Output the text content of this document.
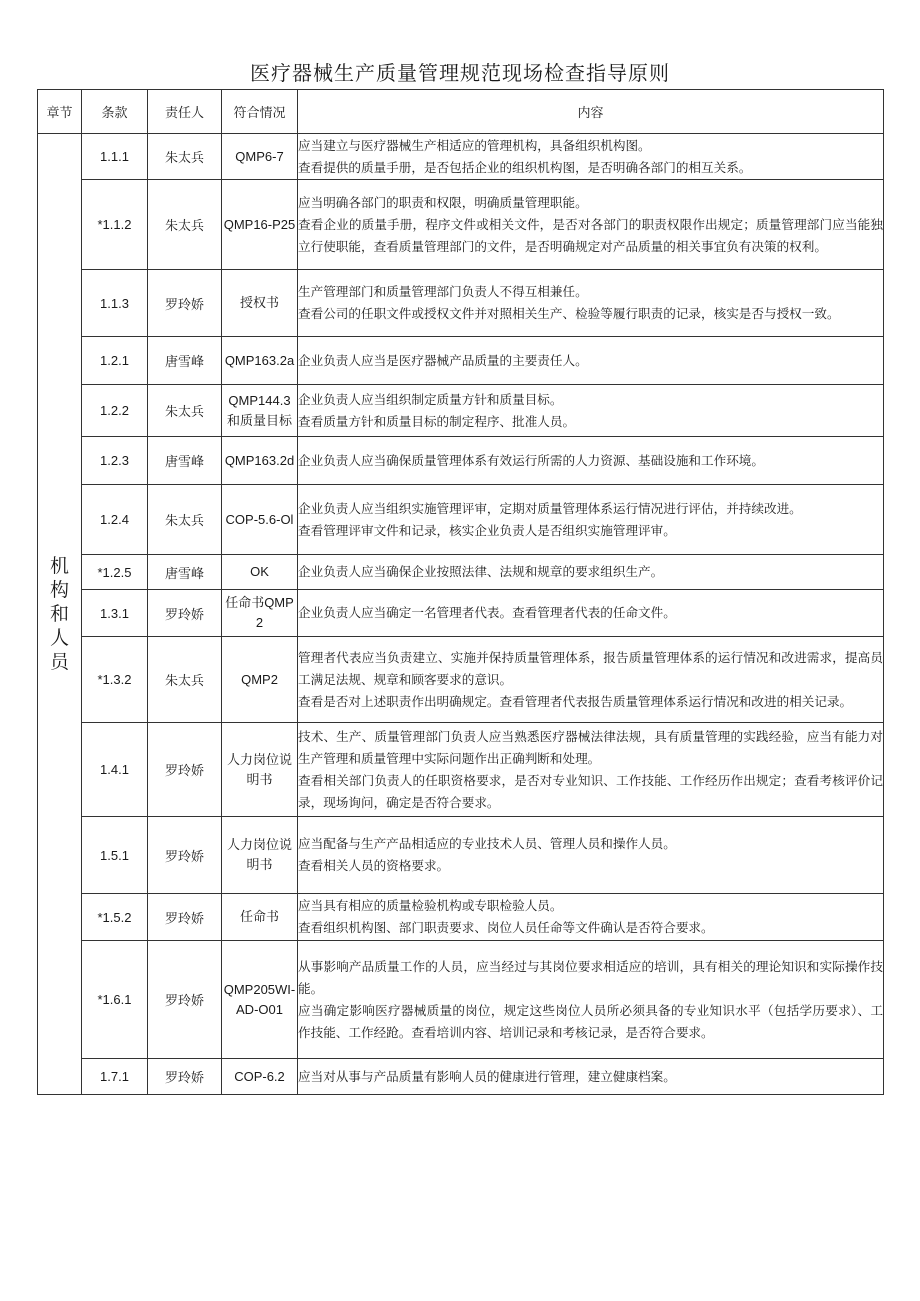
医疗器械生产质量管理规范现场检查指导原则
章节	条款	责任人	符合情况	内容
机构和人员	1.1.1	朱太兵	QMP6-7	应当建立与医疗器械生产相适应的管理机构，具备组织机构图。
查看提供的质量手册，是否包括企业的组织机构图，是否明确各部门的相互关系。

	*1.1.2	朱太兵	QMP16-P25	应当明确各部门的职责和权限，明确质量管理职能。
查看企业的质量手册，程序文件或相关文件，是否对各部门的职责权限作出规定；质量管理部门应当能独立行使职能，查看质量管理部门的文件，是否明确规定对产品质量的相关事宜负有决策的权利。

	1.1.3	罗玲娇	授权书	生产管理部门和质量管理部门负责人不得互相兼任。
查看公司的任职文件或授权文件并对照相关生产、检验等履行职责的记录，核实是否与授权一致。

	1.2.1	唐雪峰	QMP163.2a	企业负责人应当是医疗器械产品质量的主要责任人。

	1.2.2	朱太兵	QMP144.3和质量目标	企业负责人应当组织制定质量方针和质量目标。
查看质量方针和质量目标的制定程序、批准人员。

	1.2.3	唐雪峰	QMP163.2d	企业负责人应当确保质量管理体系有效运行所需的人力资源、基础设施和工作环境。

	1.2.4	朱太兵	COP-5.6-Ol	企业负责人应当组织实施管理评审，定期对质量管理体系运行情况进行评估，并持续改进。
查看管理评审文件和记录，核实企业负责人是否组织实施管理评审。

	*1.2.5	唐雪峰	OK	企业负责人应当确保企业按照法律、法规和规章的要求组织生产。

	1.3.1	罗玲娇	任命书QMP2	企业负责人应当确定一名管理者代表。查看管理者代表的任命文件。

	*1.3.2	朱太兵	QMP2	管理者代表应当负责建立、实施并保持质量管理体系，报告质量管理体系的运行情况和改进需求，提高员工满足法规、规章和顾客要求的意识。
查看是否对上述职责作出明确规定。查看管理者代表报告质量管理体系运行情况和改进的相关记录。

	1.4.1	罗玲娇	人力岗位说明书	技术、生产、质量管理部门负责人应当熟悉医疗器械法律法规，具有质量管理的实践经验，应当有能力对生产管理和质量管理中实际问题作出正确判断和处理。
查看相关部门负责人的任职资格要求，是否对专业知识、工作技能、工作经历作出规定；查看考核评价记录，现场询问，确定是否符合要求。

	1.5.1	罗玲娇	人力岗位说明书	应当配备与生产产品相适应的专业技术人员、管理人员和操作人员。
查看相关人员的资格要求。

	*1.5.2	罗玲娇	任命书	应当具有相应的质量检验机构或专职检验人员。
查看组织机构图、部门职责要求、岗位人员任命等文件确认是否符合要求。

	*1.6.1	罗玲娇	QMP205WI-AD-O01	从事影响产品质量工作的人员，应当经过与其岗位要求相适应的培训，具有相关的理论知识和实际操作技能。
应当确定影响医疗器械质量的岗位，规定这些岗位人员所必须具备的专业知识水平（包括学历要求）、工作技能、工作经跄。查看培训内容、培训记录和考核记录，是否符合要求。

	1.7.1	罗玲娇	COP-6.2	应当对从事与产品质量有影响人员的健康进行管理，建立健康档案。
